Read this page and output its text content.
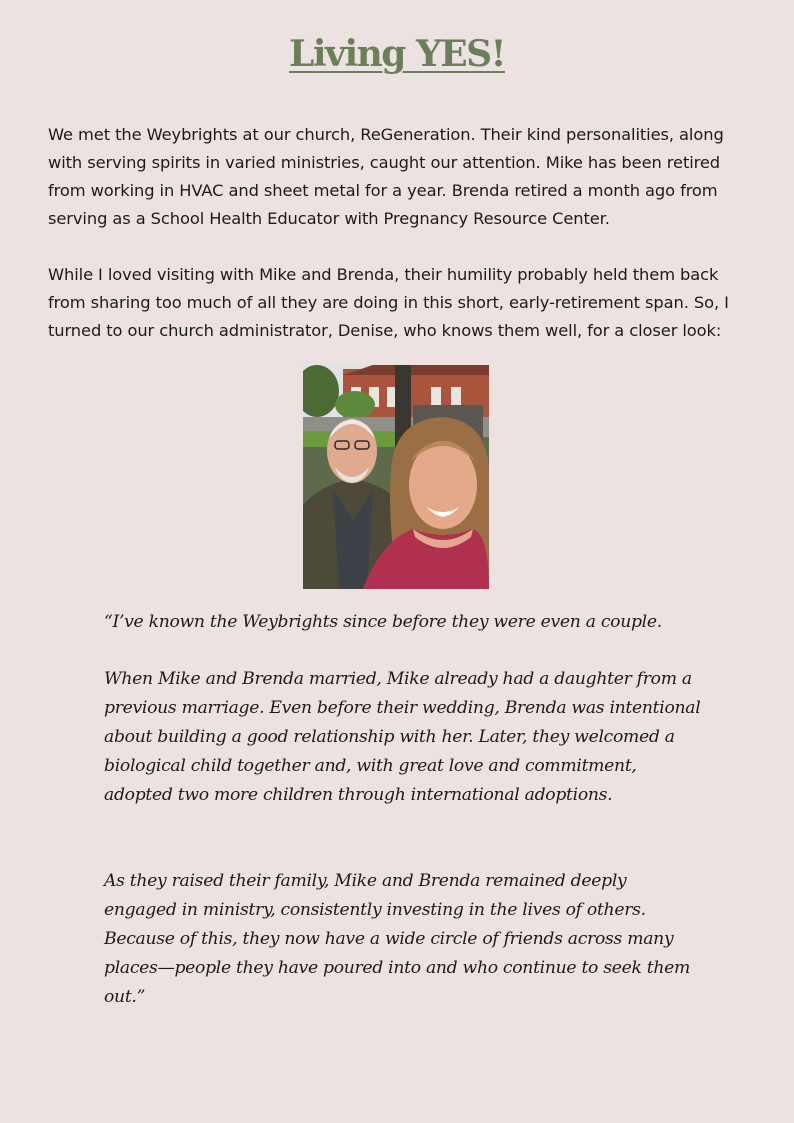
Living YES!

We met the Weybrights at our church, ReGeneration. Their kind personalities, along with serving spirits in varied ministries, caught our attention. Mike has been retired from working in HVAC and sheet metal for a year. Brenda retired a month ago from serving as a School Health Educator with Pregnancy Resource Center.

While I loved visiting with Mike and Brenda, their humility probably held them back from sharing too much of all they are doing in this short, early-retirement span. So, I turned to our church administrator, Denise, who knows them well, for a closer look:

“I’ve known the Weybrights since before they were even a couple.

When Mike and Brenda married, Mike already had a daughter from a previous marriage. Even before their wedding, Brenda was intentional about building a good relationship with her. Later, they welcomed a biological child together and, with great love and commitment, adopted two more children through international adoptions.

As they raised their family, Mike and Brenda remained deeply engaged in ministry, consistently investing in the lives of others. Because of this, they now have a wide circle of friends across many places—people they have poured into and who continue to seek them out.”
